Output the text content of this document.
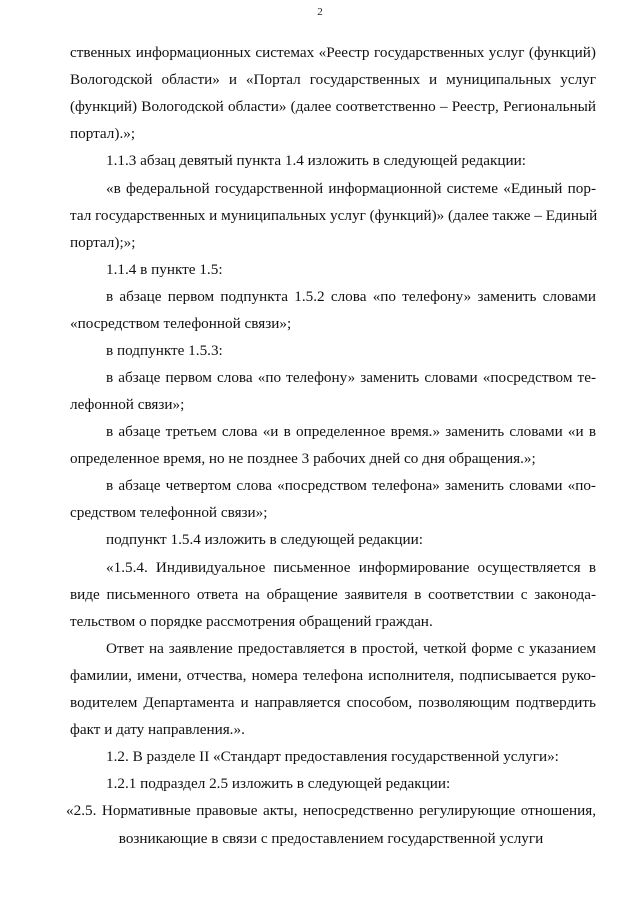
2
ственных информационных системах «Реестр государственных услуг (функций)
Вологодской области» и «Портал государственных и муниципальных услуг
(функций) Вологодской области» (далее соответственно – Реестр, Региональный
портал).»;
1.1.3 абзац девятый пункта 1.4 изложить в следующей редакции:
«в федеральной государственной информационной системе «Единый пор-
тал государственных и муниципальных услуг (функций)» (далее также – Единый
портал);»;
1.1.4 в пункте 1.5:
в абзаце первом подпункта 1.5.2 слова «по телефону» заменить словами
«посредством телефонной связи»;
в подпункте 1.5.3:
в абзаце первом слова «по телефону» заменить словами «посредством те-
лефонной связи»;
в абзаце третьем слова «и в определенное время.» заменить словами «и в
определенное время, но не позднее 3 рабочих дней со дня обращения.»;
в абзаце четвертом слова «посредством телефона» заменить словами «по-
средством телефонной связи»;
подпункт 1.5.4 изложить в следующей редакции:
«1.5.4. Индивидуальное письменное информирование осуществляется в
виде письменного ответа на обращение заявителя в соответствии с законода-
тельством о порядке рассмотрения обращений граждан.
Ответ на заявление предоставляется в простой, четкой форме с указанием
фамилии, имени, отчества, номера телефона исполнителя, подписывается руко-
водителем Департамента и направляется способом, позволяющим подтвердить
факт и дату направления.».
1.2. В разделе II «Стандарт предоставления государственной услуги»:
1.2.1 подраздел 2.5 изложить в следующей редакции:
«2.5. Нормативные правовые акты, непосредственно регулирующие отношения,
возникающие в связи с предоставлением государственной услуги
